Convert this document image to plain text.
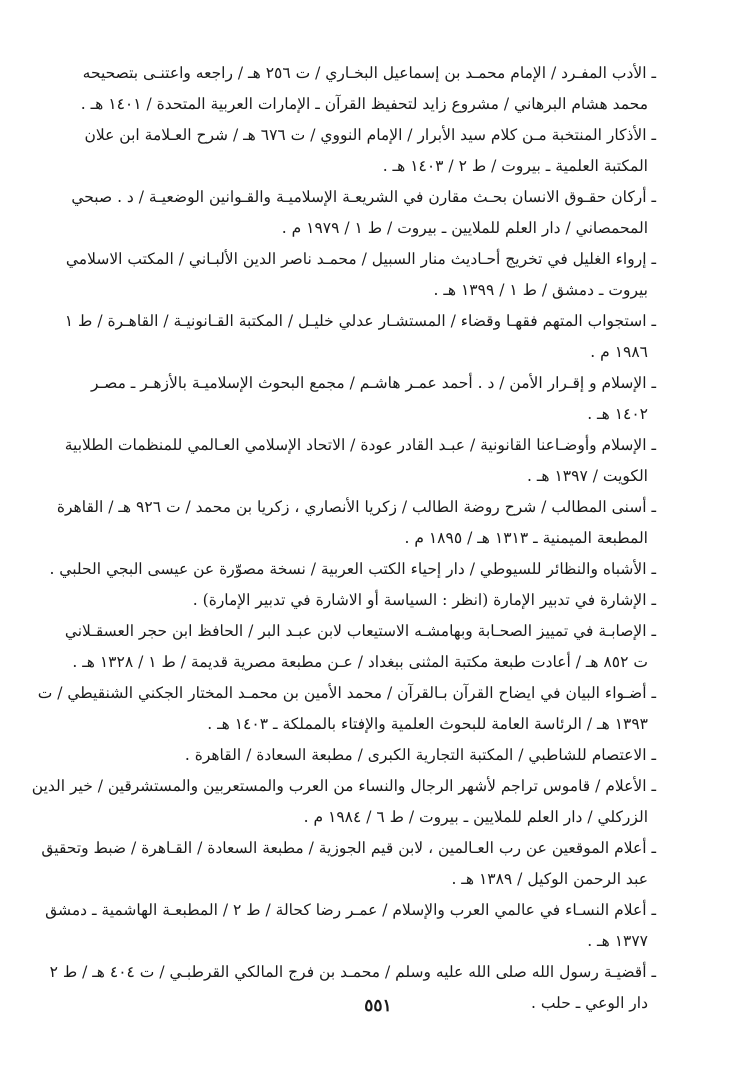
ـ الأدب المفـرد / الإمام محمـد بن إسماعيل البخـاري / ت ٢٥٦ هـ / راجعه واعتنـى بتصحيحه
محمد هشام البرهاني / مشروع زايد لتحفيظ القرآن ـ الإمارات العربية المتحدة / ١٤٠١ هـ .

ـ الأذكار المنتخبة مـن كلام سيد الأبرار / الإمام النووي / ت ٦٧٦ هـ / شرح العـلامة ابن علان
المكتبة العلمية ـ بيروت / ط ٢ / ١٤٠٣ هـ .

ـ أركان حقـوق الانسان بحـث مقارن في الشريعـة الإسلاميـة والقـوانين الوضعيـة / د . صبحي
المحمصاني / دار العلم للملايين ـ بيروت / ط ١ / ١٩٧٩ م .

ـ إرواء الغليل في تخريج أحـاديث منار السبيل / محمـد ناصر الدين الألبـاني / المكتب الاسلامي
بيروت ـ دمشق / ط ١ / ١٣٩٩ هـ .

ـ استجواب المتهم فقهـا وقضاء / المستشـار عدلي خليـل / المكتبة القـانونيـة / القاهـرة / ط ١
١٩٨٦ م .

ـ الإسلام و إقـرار الأمن / د . أحمد عمـر هاشـم / مجمع البحوث الإسلاميـة بالأزهـر ـ مصـر
١٤٠٢ هـ .

ـ الإسلام وأوضـاعنا القانونية / عبـد القادر عودة / الاتحاد الإسلامي العـالمي للمنظمات الطلابية
الكويت / ١٣٩٧ هـ .

ـ أسنى المطالب / شرح روضة الطالب / زكريا الأنصاري ، زكريا بن محمد / ت ٩٢٦ هـ / القاهرة
المطبعة الميمنية ـ ١٣١٣ هـ / ١٨٩٥ م .

ـ الأشباه والنظائر للسيوطي / دار إحياء الكتب العربية / نسخة مصوّرة عن عيسى البجي الحلبي .

ـ الإشارة في تدبير الإمارة (انظر : السياسة أو الاشارة في تدبير الإمارة) .

ـ الإصابـة في تمييز الصحـابة وبهامشـه الاستيعاب لابن عبـد البر / الحافظ ابن حجر العسقـلاني
ت ٨٥٢ هـ / أعادت طبعة مكتبة المثنى ببغداد / عـن مطبعة مصرية قديمة / ط ١ / ١٣٢٨ هـ .

ـ أضـواء البيان في ايضاح القرآن بـالقرآن / محمد الأمين بن محمـد المختار الجكني الشنقيطي / ت
١٣٩٣ هـ / الرئاسة العامة للبحوث العلمية والإفتاء بالمملكة ـ ١٤٠٣ هـ .

ـ الاعتصام للشاطبي / المكتبة التجارية الكبرى / مطبعة السعادة / القاهرة .

ـ الأعلام / قاموس تراجم لأشهر الرجال والنساء من العرب والمستعربين والمستشرقين / خير الدين
الزركلي / دار العلم للملايين ـ بيروت / ط ٦ / ١٩٨٤ م .

ـ أعلام الموقعين عن رب العـالمين ، لابن قيم الجوزية / مطبعة السعادة / القـاهرة / ضبط وتحقيق
عبد الرحمن الوكيل / ١٣٨٩ هـ .

ـ أعلام النسـاء في عالمي العرب والإسلام / عمـر رضا كحالة / ط ٢ / المطبعـة الهاشمية ـ دمشق
١٣٧٧ هـ .

ـ أقضيـة رسول الله صلى الله عليه وسلم / محمـد بن فرج المالكي القرطبـي / ت ٤٠٤ هـ / ط ٢
دار الوعي ـ حلب .

٥٥١
